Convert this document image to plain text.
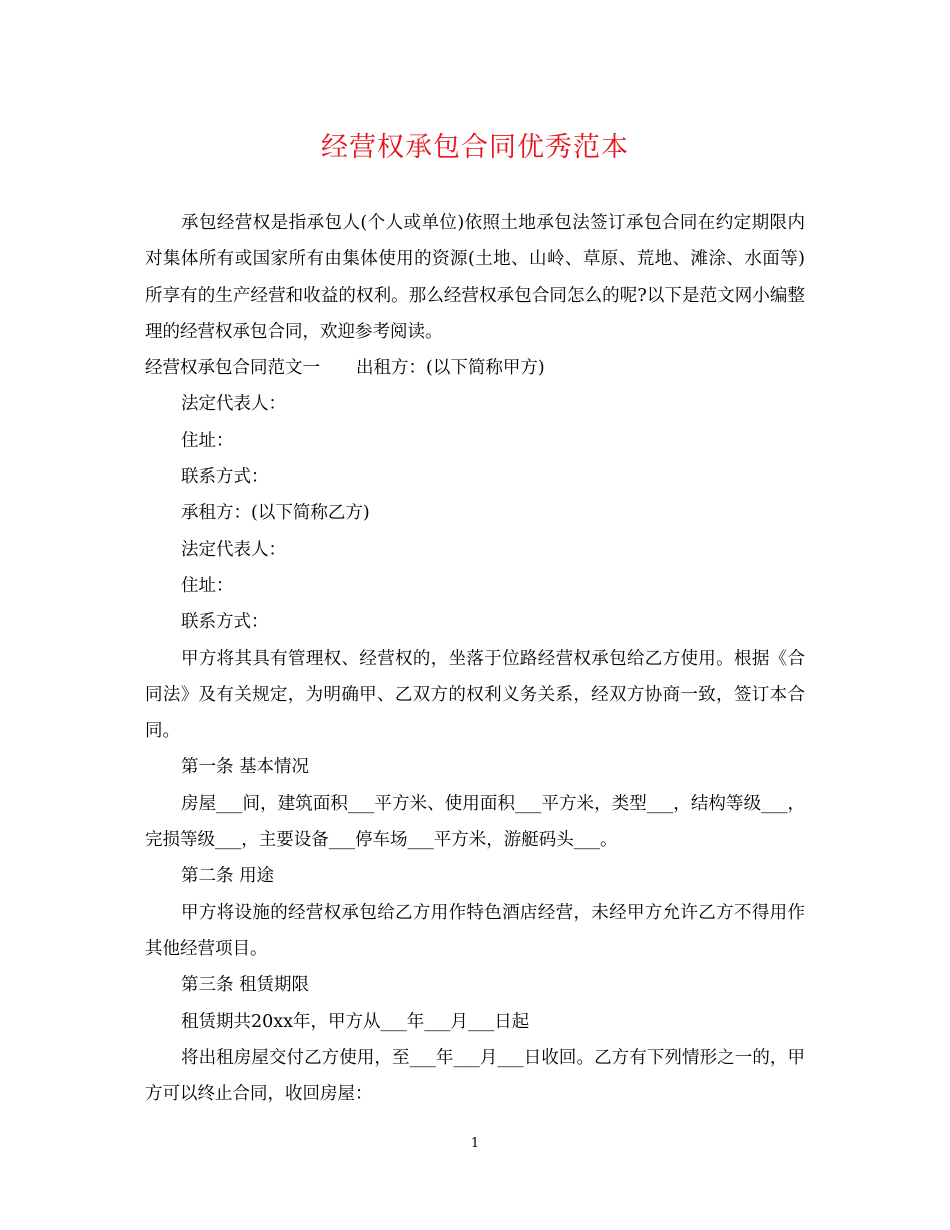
经营权承包合同优秀范本

承包经营权是指承包人(个人或单位)依照土地承包法签订承包合同在约定期限内对集体所有或国家所有由集体使用的资源(土地、山岭、草原、荒地、滩涂、水面等)所享有的生产经营和收益的权利。那么经营权承包合同怎么的呢?以下是范文网小编整理的经营权承包合同，欢迎参考阅读。

经营权承包合同范文一 出租方：(以下简称甲方)

法定代表人：

住址：

联系方式：

承租方：(以下简称乙方)

法定代表人：

住址：

联系方式：

甲方将其具有管理权、经营权的，坐落于位路经营权承包给乙方使用。根据《合同法》及有关规定，为明确甲、乙双方的权利义务关系，经双方协商一致，签订本合同。

第一条 基本情况

房屋___间，建筑面积___平方米、使用面积___平方米，类型___，结构等级___，完损等级___，主要设备___停车场___平方米，游艇码头___。

第二条 用途

甲方将设施的经营权承包给乙方用作特色酒店经营，未经甲方允许乙方不得用作其他经营项目。

第三条 租赁期限

租赁期共20xx年，甲方从___年___月___日起

将出租房屋交付乙方使用，至___年___月___日收回。乙方有下列情形之一的，甲方可以终止合同，收回房屋：

1
